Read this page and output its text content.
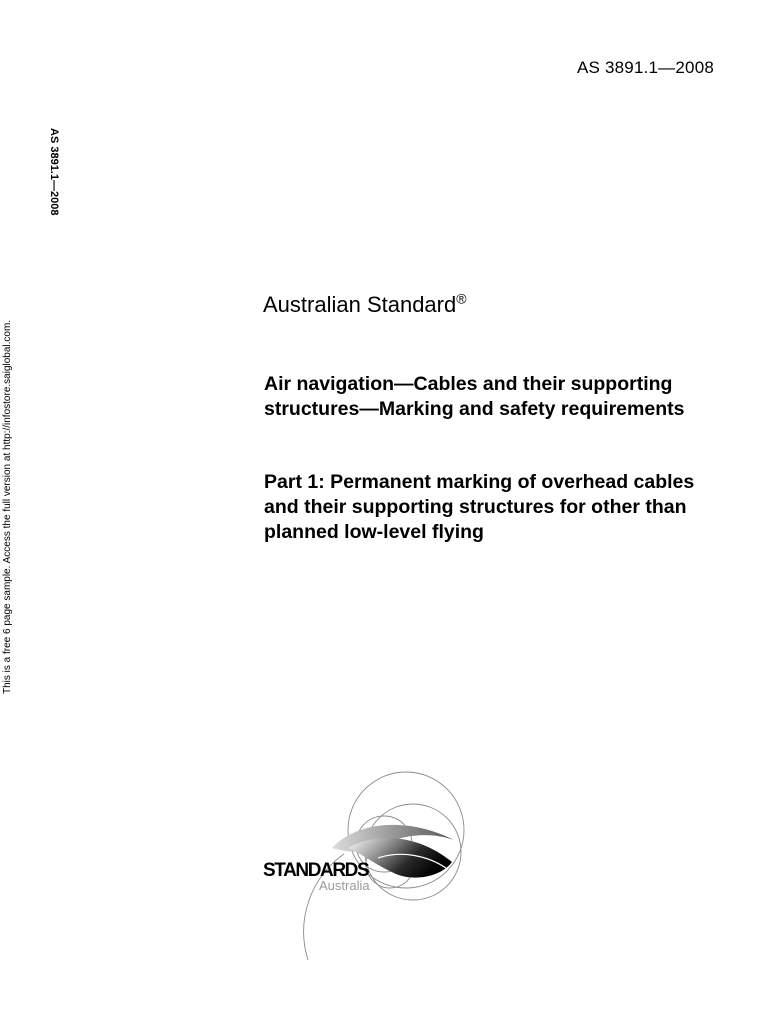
AS 3891.1—2008
AS 3891.1—2008
This is a free 6 page sample. Access the full version at http://infostore.saiglobal.com.
Australian Standard®

Air navigation—Cables and their supporting structures—Marking and safety requirements

Part 1: Permanent marking of overhead cables and their supporting structures for other than planned low-level flying

STANDARDS
Australia
